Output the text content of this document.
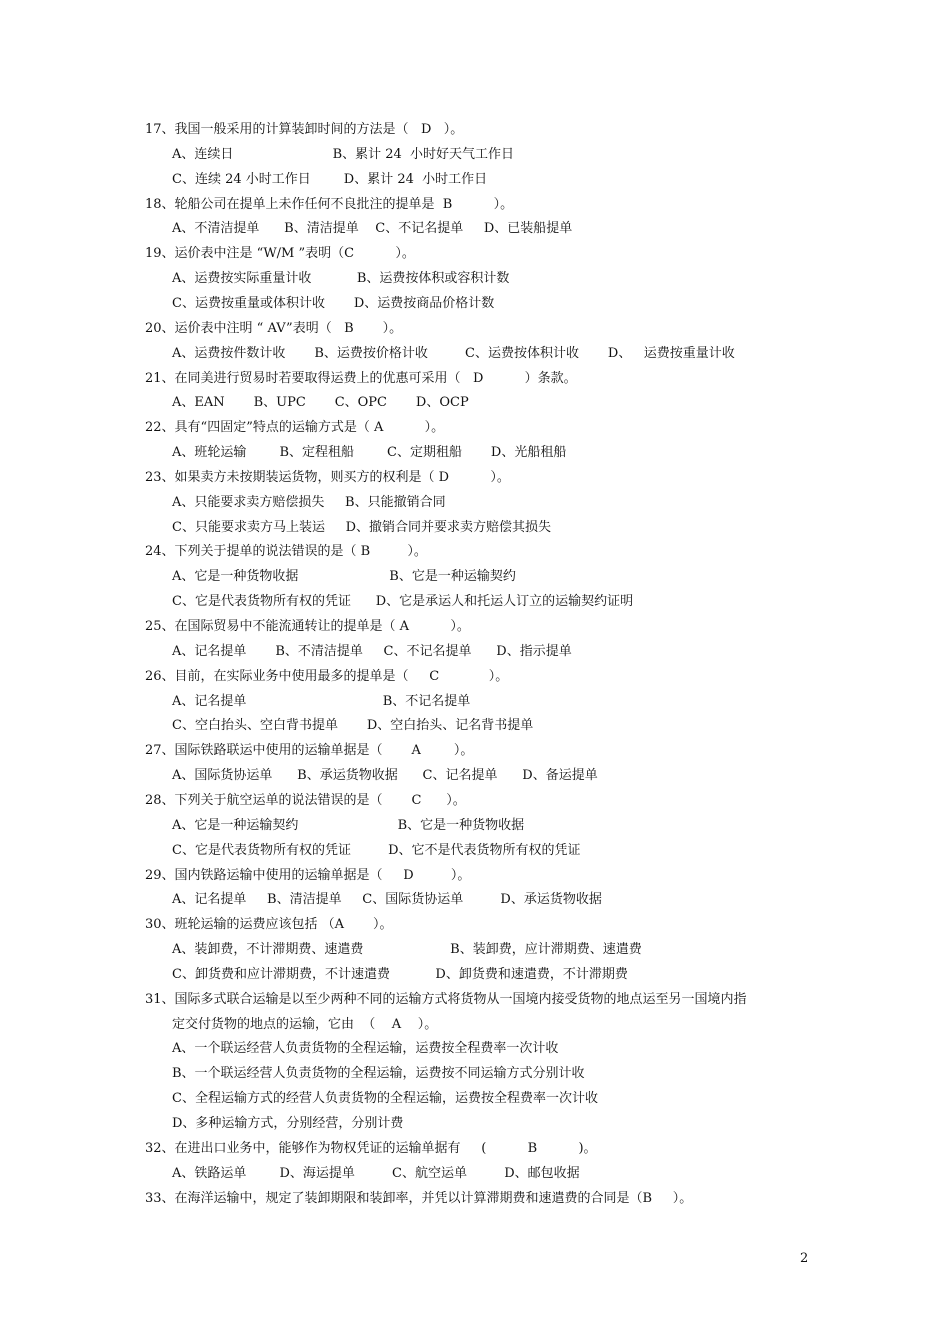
17、我国一般采用的计算装卸时间的方法是（   D   ）。
A、连续日                        B、累计 24  小时好天气工作日
C、连续 24 小时工作日        D、累计 24  小时工作日
18、轮船公司在提单上未作任何不良批注的提单是  B          ）。
A、不清洁提单      B、清洁提单    C、不记名提单     D、已装船提单
19、运价表中注是 “W/M ”表明（C          ）。
A、运费按实际重量计收           B、运费按体积或容积计数
C、运费按重量或体积计收       D、运费按商品价格计数
20、运价表中注明 “ AV”表明（   B       ）。
A、运费按件数计收       B、运费按价格计收         C、运费按体积计收       D、   运费按重量计收
21、在同美进行贸易时若要取得运费上的优惠可采用（   D          ）条款。
A、EAN       B、UPC       C、OPC       D、OCP
22、具有“四固定”特点的运输方式是（ A          ）。
A、班轮运输        B、定程租船        C、定期租船       D、光船租船
23、如果卖方未按期装运货物，则买方的权利是（ D          ）。
A、只能要求卖方赔偿损失     B、只能撤销合同
C、只能要求卖方马上装运     D、撤销合同并要求卖方赔偿其损失
24、下列关于提单的说法错误的是（ B         ）。
A、它是一种货物收据                      B、它是一种运输契约
C、它是代表货物所有权的凭证      D、它是承运人和托运人订立的运输契约证明
25、在国际贸易中不能流通转让的提单是（ A          ）。
A、记名提单       B、不清洁提单     C、不记名提单      D、指示提单
26、目前，在实际业务中使用最多的提单是（     C            ）。
A、记名提单                                 B、不记名提单
C、空白抬头、空白背书提单       D、空白抬头、记名背书提单
27、国际铁路联运中使用的运输单据是（       A        ）。
A、国际货协运单      B、承运货物收据      C、记名提单      D、备运提单
28、下列关于航空运单的说法错误的是（       C      ）。
A、它是一种运输契约                        B、它是一种货物收据
C、它是代表货物所有权的凭证         D、它不是代表货物所有权的凭证
29、国内铁路运输中使用的运输单据是（     D         ）。
A、记名提单     B、清洁提单     C、国际货协运单         D、承运货物收据
30、班轮运输的运费应该包括 （A       ）。
A、装卸费，不计滞期费、速遣费                     B、装卸费，应计滞期费、速遣费
C、卸货费和应计滞期费，不计速遣费           D、卸货费和速遣费，不计滞期费
31、国际多式联合运输是以至少两种不同的运输方式将货物从一国境内接受货物的地点运至另一国境内指
定交付货物的地点的运输，它由  （    A    ）。
A、一个联运经营人负责货物的全程运输，运费按全程费率一次计收
B、一个联运经营人负责货物的全程运输，运费按不同运输方式分别计收
C、全程运输方式的经营人负责货物的全程运输，运费按全程费率一次计收
D、多种运输方式，分别经营，分别计费
32、在进出口业务中，能够作为物权凭证的运输单据有     (          B          )。
A、铁路运单        D、海运提单         C、航空运单         D、邮包收据
33、在海洋运输中，规定了装卸期限和装卸率，并凭以计算滞期费和速遣费的合同是（B     ）。
2
